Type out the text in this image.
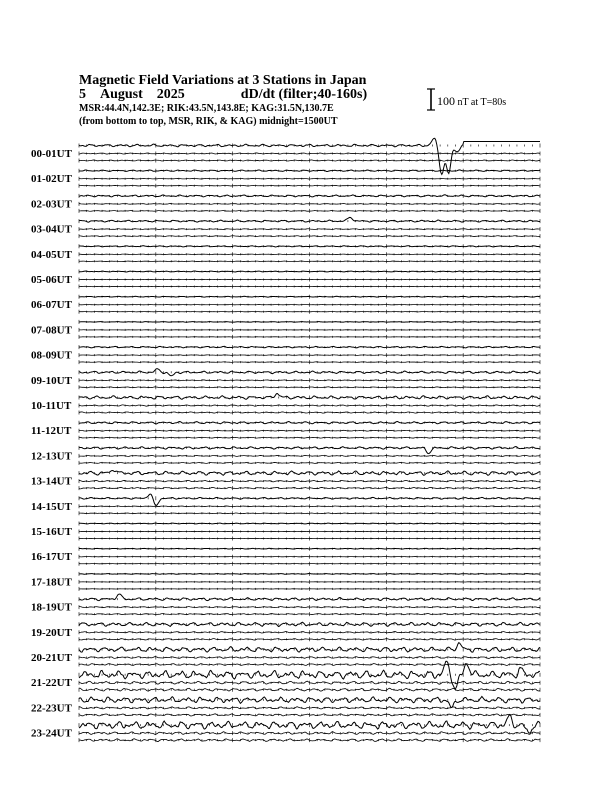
Magnetic Field Variations at 3 Stations in Japan
5 August 2025	dD/dt (filter;40-160s)
MSR:44.4N,142.3E; RIK:43.5N,143.8E; KAG:31.5N,130.7E
(from bottom to top, MSR, RIK, & KAG) midnight=1500UT
100 nT at T=80s
00-01UT
01-02UT
02-03UT
03-04UT
04-05UT
05-06UT
06-07UT
07-08UT
08-09UT
09-10UT
10-11UT
11-12UT
12-13UT
13-14UT
14-15UT
15-16UT
16-17UT
17-18UT
18-19UT
19-20UT
20-21UT
21-22UT
22-23UT
23-24UT
